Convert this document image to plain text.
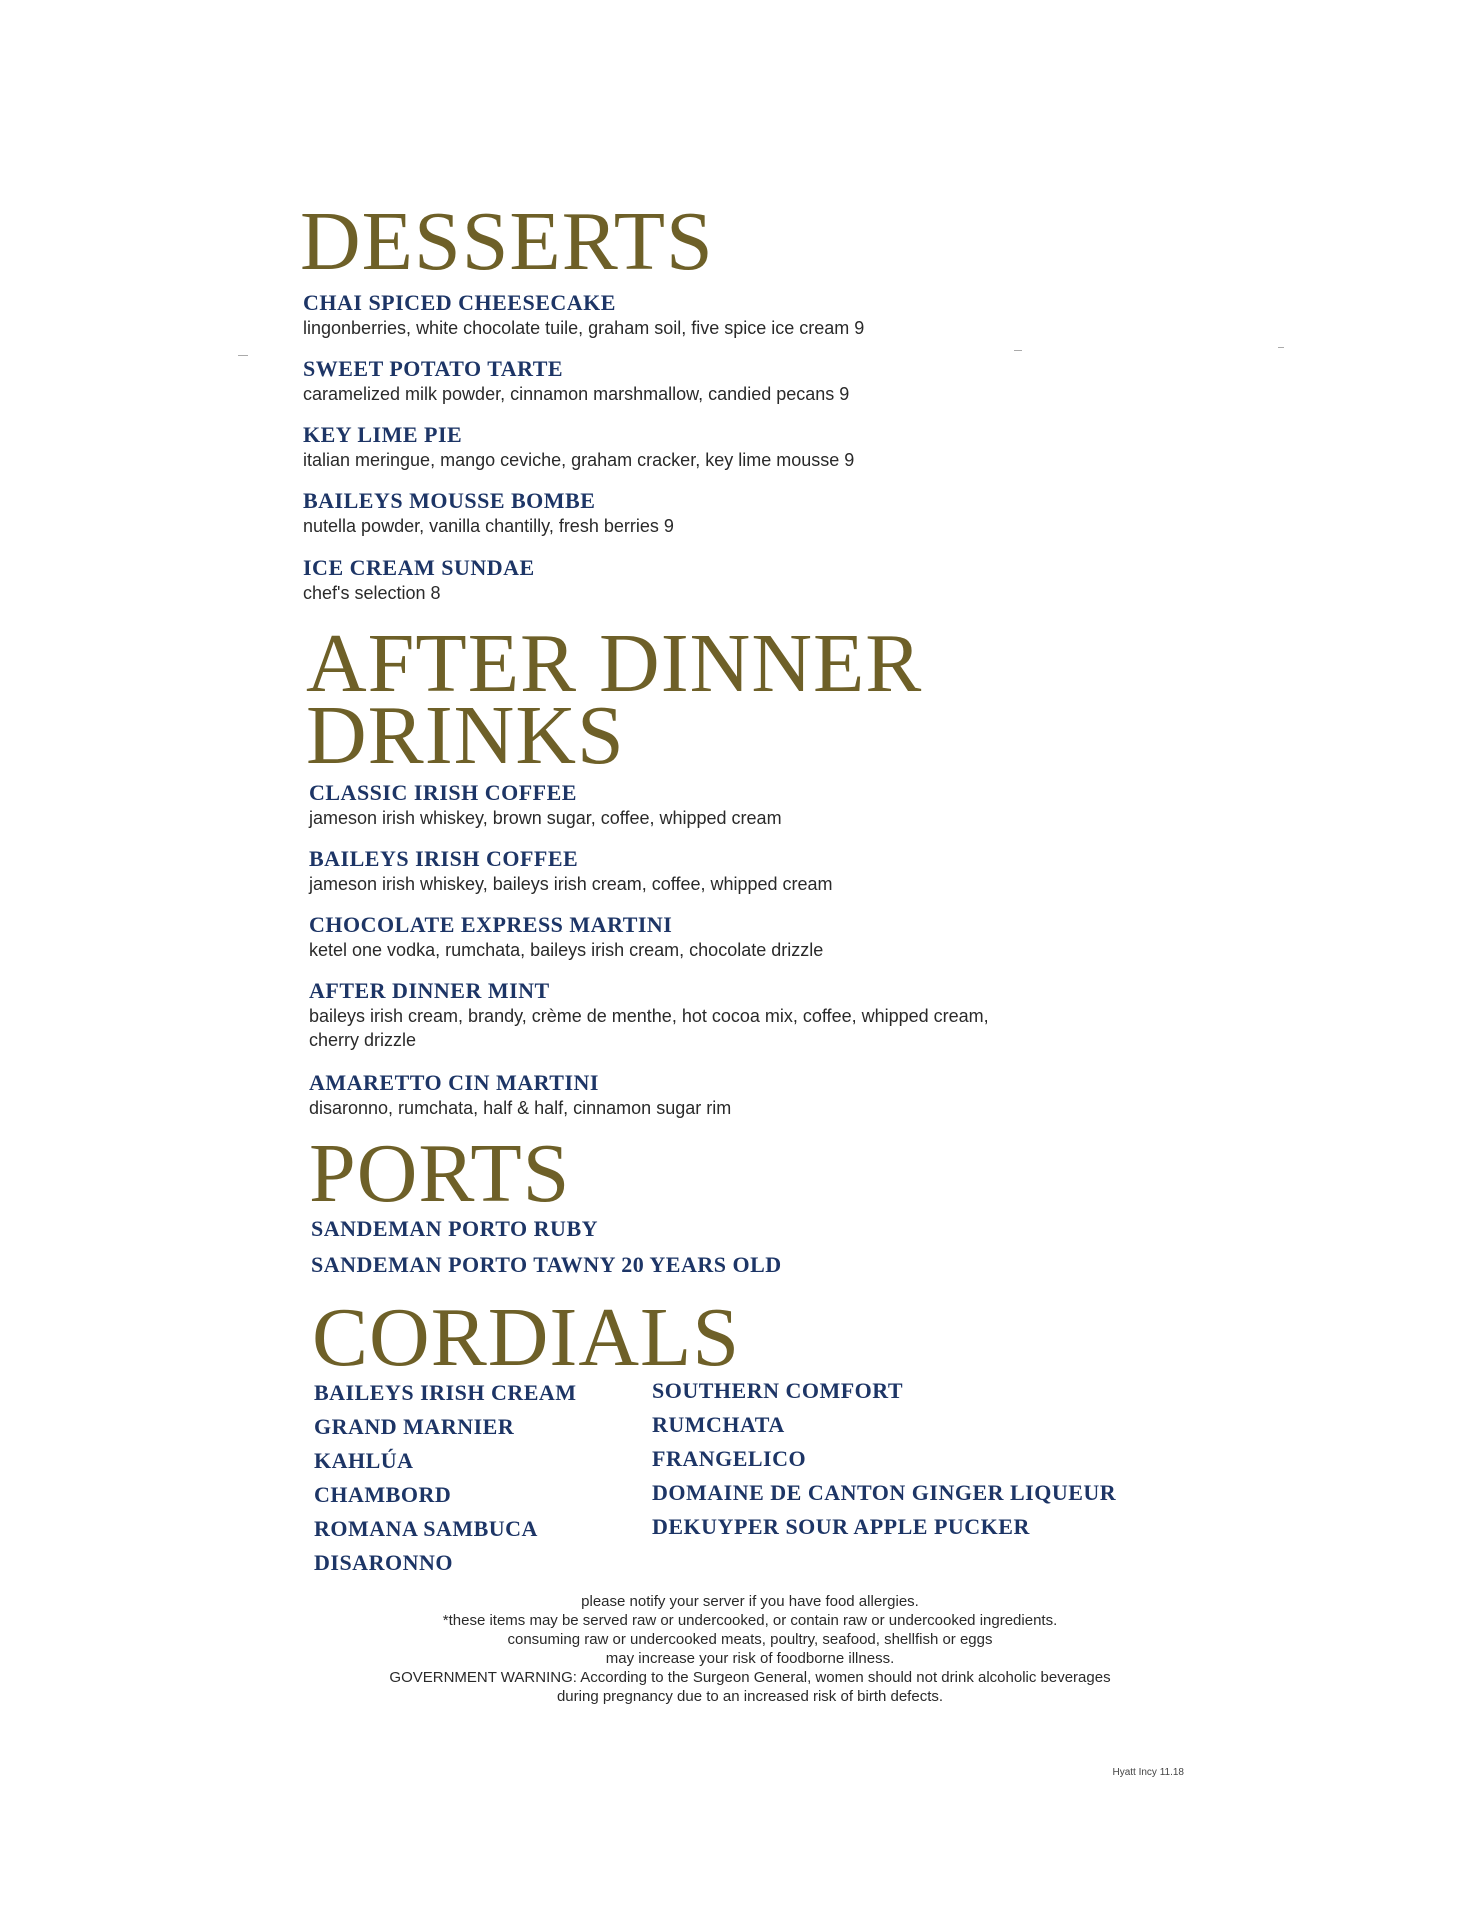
DESSERTS
CHAI SPICED CHEESECAKE
lingonberries, white chocolate tuile, graham soil, five spice ice cream 9
SWEET POTATO TARTE
caramelized milk powder, cinnamon marshmallow, candied pecans 9
KEY LIME PIE
italian meringue, mango ceviche, graham cracker, key lime mousse 9
BAILEYS MOUSSE BOMBE
nutella powder, vanilla chantilly, fresh berries 9
ICE CREAM SUNDAE
chef's selection 8
AFTER DINNER
DRINKS
CLASSIC IRISH COFFEE
jameson irish whiskey, brown sugar, coffee, whipped cream
BAILEYS IRISH COFFEE
jameson irish whiskey, baileys irish cream, coffee, whipped cream
CHOCOLATE EXPRESS MARTINI
ketel one vodka, rumchata, baileys irish cream, chocolate drizzle
AFTER DINNER MINT
baileys irish cream, brandy, crème de menthe, hot cocoa mix, coffee, whipped cream,
cherry drizzle
AMARETTO CIN MARTINI
disaronno, rumchata, half & half, cinnamon sugar rim
PORTS
SANDEMAN PORTO RUBY
SANDEMAN PORTO TAWNY 20 YEARS OLD
CORDIALS
BAILEYS IRISH CREAM
GRAND MARNIER
KAHLÚA
CHAMBORD
ROMANA SAMBUCA
DISARONNO
SOUTHERN COMFORT
RUMCHATA
FRANGELICO
DOMAINE DE CANTON GINGER LIQUEUR
DEKUYPER SOUR APPLE PUCKER
please notify your server if you have food allergies.
*these items may be served raw or undercooked, or contain raw or undercooked ingredients.
consuming raw or undercooked meats, poultry, seafood, shellfish or eggs
may increase your risk of foodborne illness.
GOVERNMENT WARNING: According to the Surgeon General, women should not drink alcoholic beverages
during pregnancy due to an increased risk of birth defects.
Hyatt Incy 11.18
